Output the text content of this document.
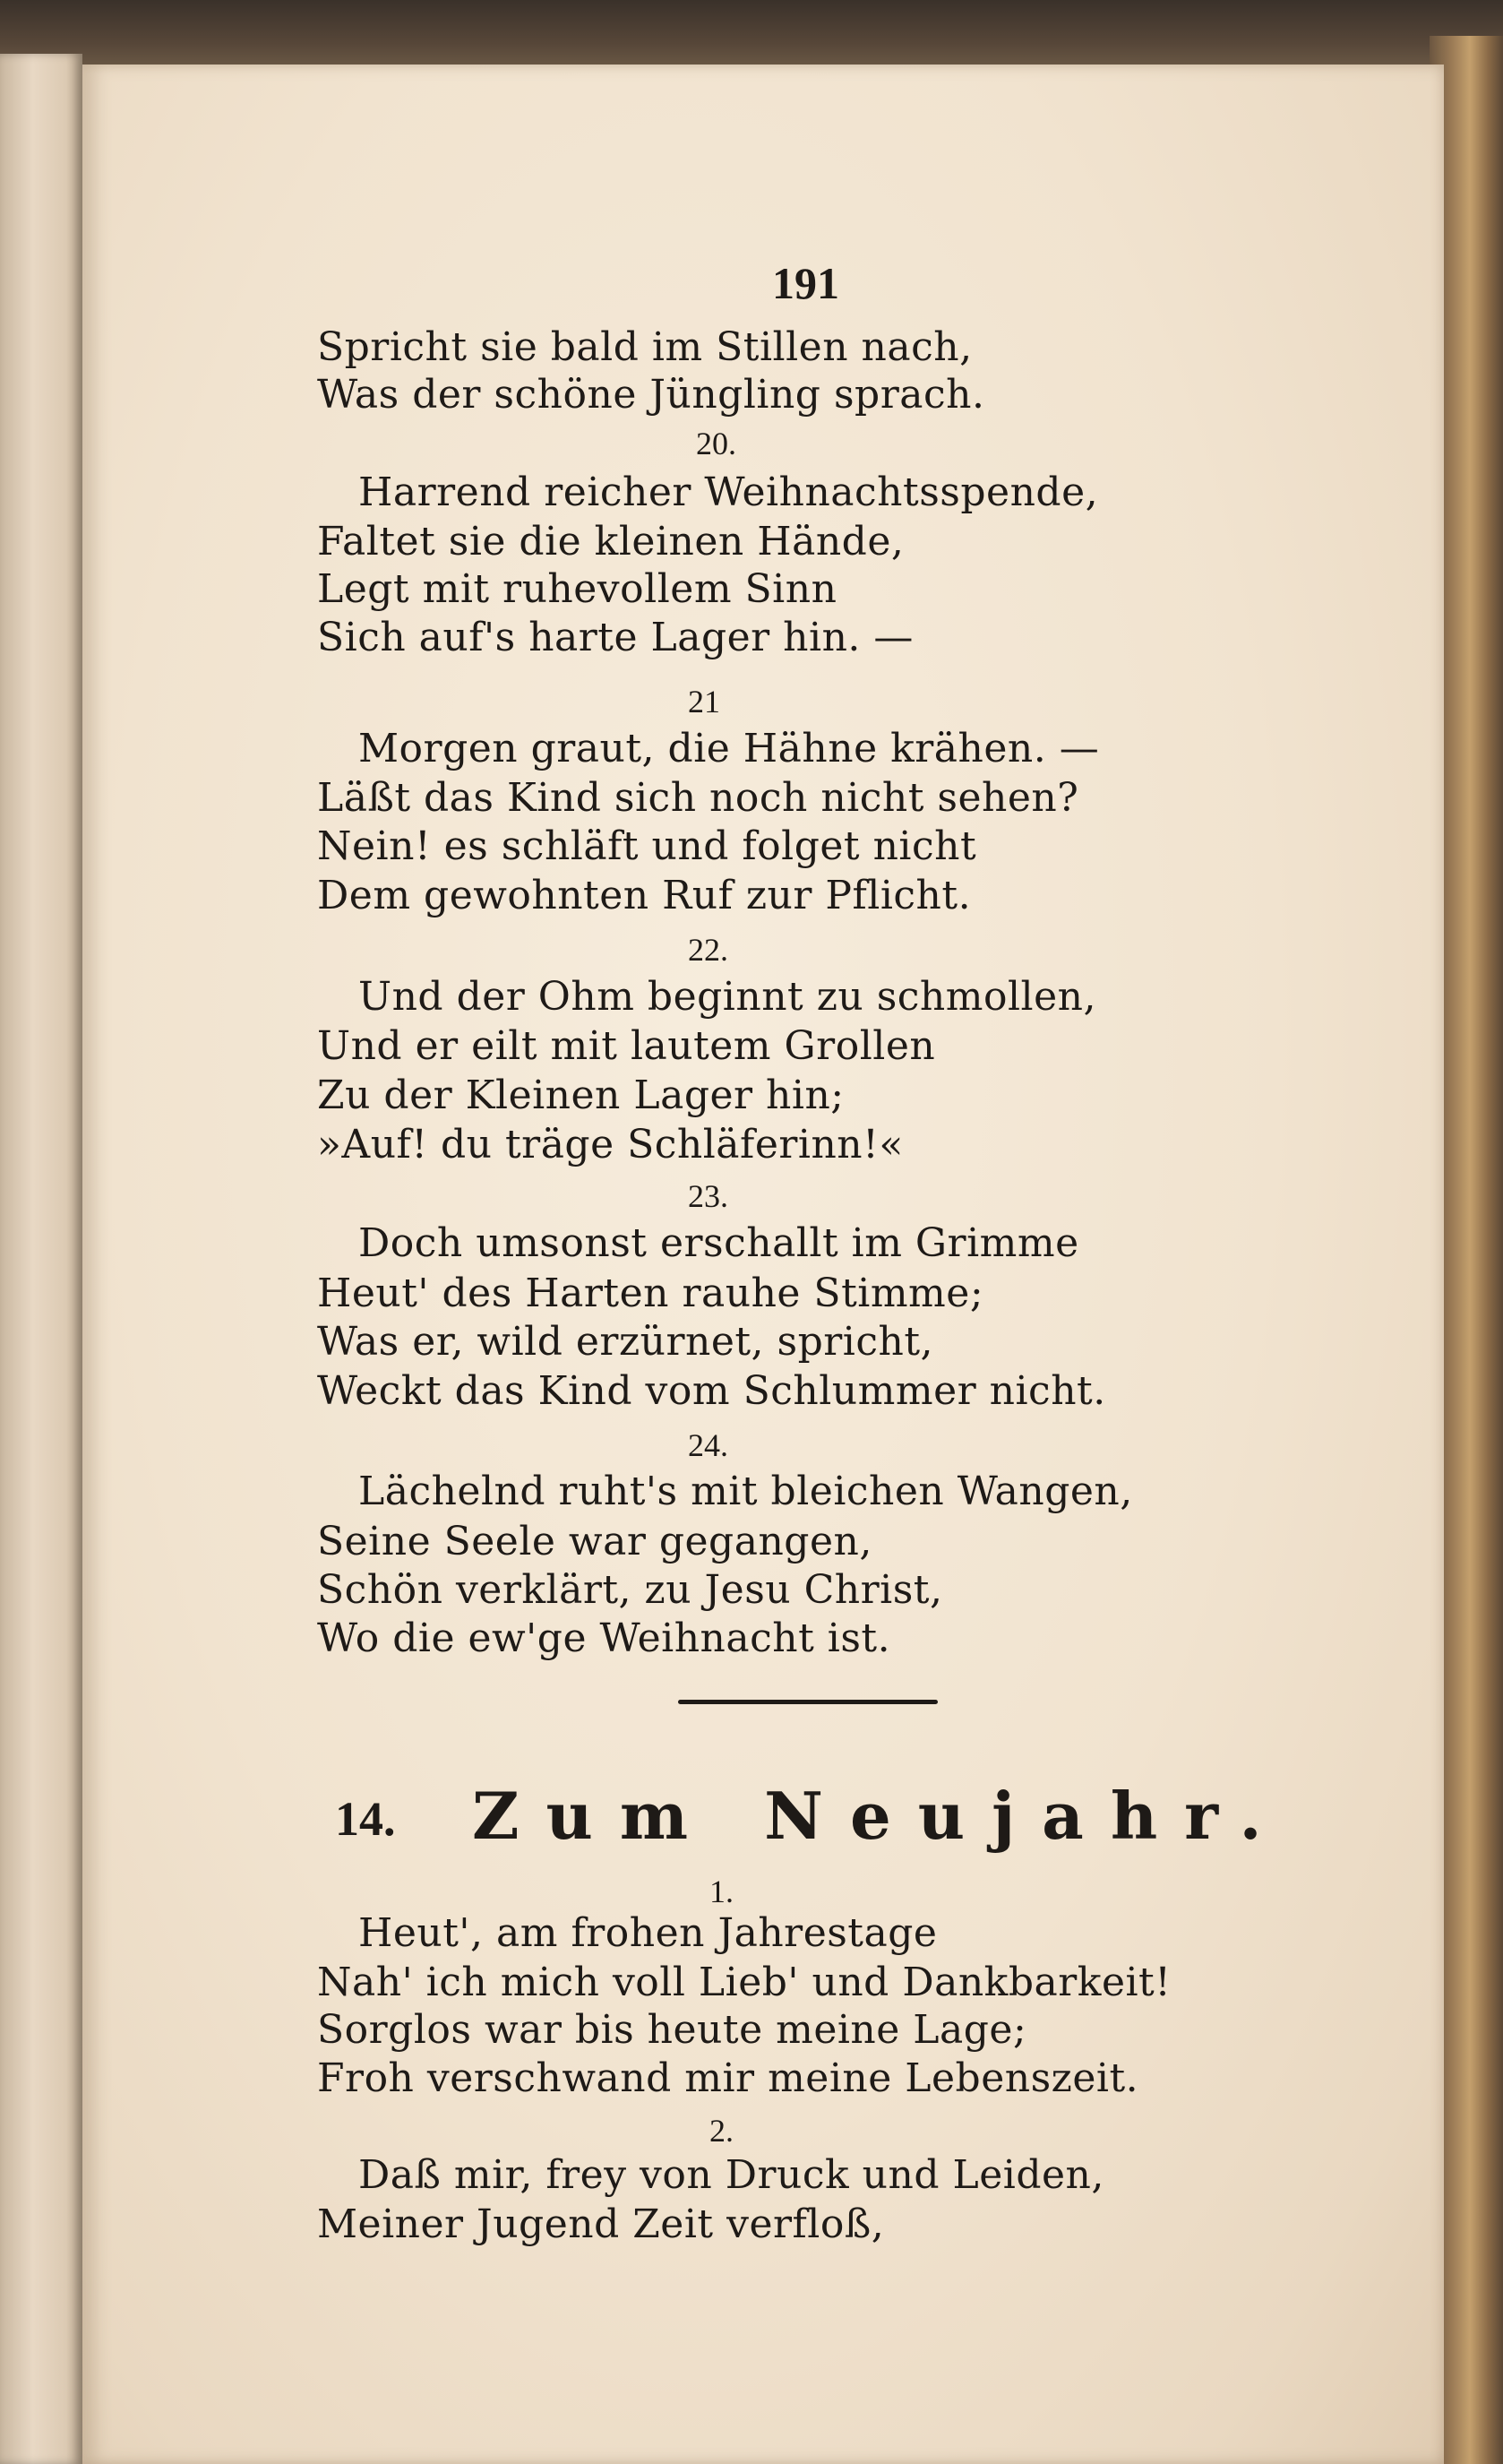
191
Spricht sie bald im Stillen nach,
Was der schöne Jüngling sprach.
20.
Harrend reicher Weihnachtsspende,
Faltet sie die kleinen Hände,
Legt mit ruhevollem Sinn
Sich auf's harte Lager hin. —
21
Morgen graut, die Hähne krähen. —
Läßt das Kind sich noch nicht sehen?
Nein! es schläft und folget nicht
Dem gewohnten Ruf zur Pflicht.
22.
Und der Ohm beginnt zu schmollen,
Und er eilt mit lautem Grollen
Zu der Kleinen Lager hin;
»Auf! du träge Schläferinn!«
23.
Doch umsonst erschallt im Grimme
Heut' des Harten rauhe Stimme;
Was er, wild erzürnet, spricht,
Weckt das Kind vom Schlummer nicht.
24.
Lächelnd ruht's mit bleichen Wangen,
Seine Seele war gegangen,
Schön verklärt, zu Jesu Christ,
Wo die ew'ge Weihnacht ist.
14. Zum Neujahr.
1.
Heut', am frohen Jahrestage
Nah' ich mich voll Lieb' und Dankbarkeit!
Sorglos war bis heute meine Lage;
Froh verschwand mir meine Lebenszeit.
2.
Daß mir, frey von Druck und Leiden,
Meiner Jugend Zeit verfloß,
